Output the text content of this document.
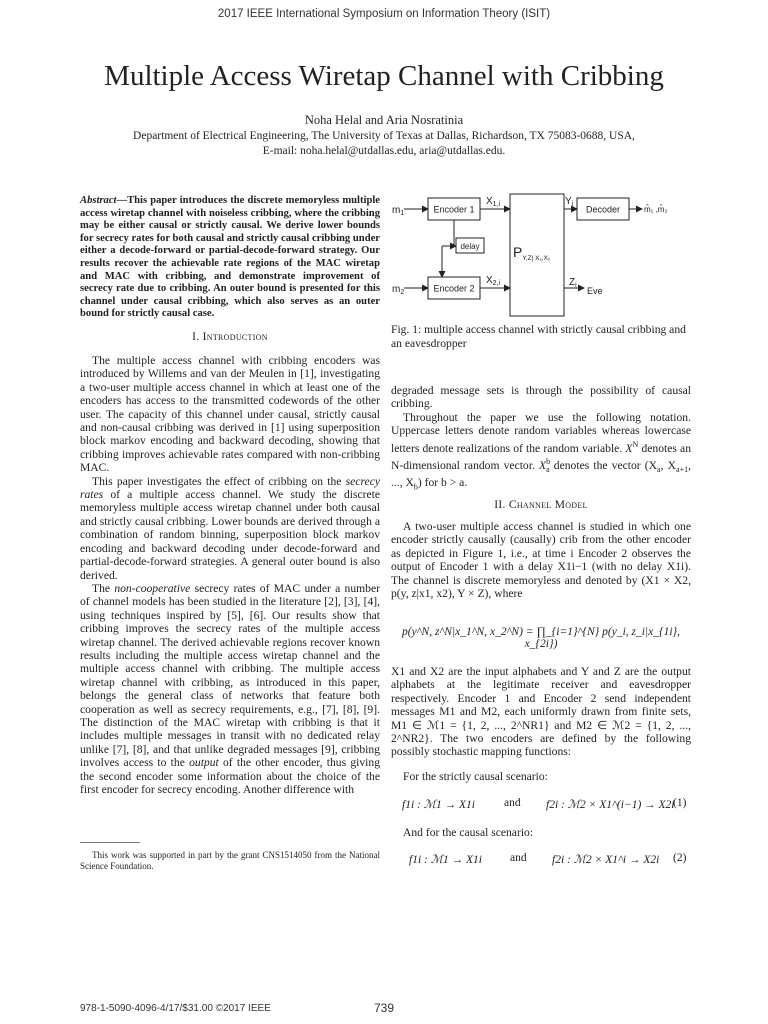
2017 IEEE International Symposium on Information Theory (ISIT)
Multiple Access Wiretap Channel with Cribbing
Noha Helal and Aria Nosratinia
Department of Electrical Engineering, The University of Texas at Dallas, Richardson, TX 75083-0688, USA,
E-mail: noha.helal@utdallas.edu, aria@utdallas.edu.
Abstract—This paper introduces the discrete memoryless multiple access wiretap channel with noiseless cribbing, where the cribbing may be either causal or strictly causal. We derive lower bounds for secrecy rates for both causal and strictly causal cribbing under either a decode-forward or partial-decode-forward strategy. Our results recover the achievable rate regions of the MAC wiretap and MAC with cribbing, and demonstrate improvement of secrecy rate due to cribbing. An outer bound is presented for this channel under causal cribbing, which also serves as an outer bound for strictly causal case.
I. Introduction

The multiple access channel with cribbing encoders was introduced by Willems and van der Meulen in [1], investigating a two-user multiple access channel in which at least one of the encoders has access to the transmitted codewords of the other user. The capacity of this channel under causal, strictly causal and non-causal cribbing was derived in [1] using superposition block markov encoding and backward decoding, showing that cribbing improves achievable rates compared with non-cribbing MAC.

This paper investigates the effect of cribbing on the secrecy rates of a multiple access channel. We study the discrete memoryless multiple access wiretap channel under both causal and strictly causal cribbing. Lower bounds are derived through a combination of random binning, superposition block markov encoding and backward decoding under decode-forward and partial-decode-forward strategies. A general outer bound is also derived.

The non-cooperative secrecy rates of MAC under a number of channel models has been studied in the literature [2], [3], [4], using techniques inspired by [5], [6]. Our results show that cribbing improves the secrecy rates of the multiple access wiretap channel. The derived achievable regions recover known results including the multiple access wiretap channel and the multiple access channel with cribbing. The multiple access wiretap channel with cribbing, as introduced in this paper, belongs the general class of networks that feature both cooperation as well as secrecy requirements, e.g., [7], [8], [9]. The distinction of the MAC wiretap with cribbing is that it includes multiple messages in transit with no dedicated relay unlike [7], [8], and that unlike degraded messages [9], cribbing involves access to the output of the other encoder, thus giving the second encoder some information about the choice of the first encoder for secrecy encoding. Another difference with

This work was supported in part by the grant CNS1514050 from the National Science Foundation.

$m_1$
$m_2$
Encoder 1
Encoder 2
delay
$X_{1,i}$
$X_{2,i}$
$P_{Y,Z| X_1,X_2}$
$Y_i$
$Z_i$
Decoder	m̂₁ ,m̂₂
Eve
Fig. 1: multiple access channel with strictly causal cribbing and an eavesdropper

degraded message sets is through the possibility of causal cribbing.

Throughout the paper we use the following notation. Uppercase letters denote random variables whereas lowercase letters denote realizations of the random variable. $X^N$ denotes an N-dimensional random vector. $X^b_a$ denotes the vector ($X_a$, $X_{a+1}$, ..., $X_b$) for b > a.

II. Channel Model

A two-user multiple access channel is studied in which one encoder strictly causally (causally) crib from the other encoder as depicted in Figure 1, i.e., at time i Encoder 2 observes the output of Encoder 1 with a delay X1i−1 (with no delay X1i). The channel is discrete memoryless and denoted by (X1 × X2, p(y, z|x1, x2), Y × Z), where

p(y^N, z^N|x_1^N, x_2^N) = ∏_{i=1}^{N} p(y_i, z_i|x_{1i}, x_{2i})

X1 and X2 are the input alphabets and Y and Z are the output alphabets at the legitimate receiver and eavesdropper respectively. Encoder 1 and Encoder 2 send independent messages M1 and M2, each uniformly drawn from finite sets, M1 ∈ ℳ1 = {1, 2, ..., 2^NR1} and M2 ∈ ℳ2 = {1, 2, ..., 2^NR2}. The two encoders are defined by the following possibly stochastic mapping functions:

For the strictly causal scenario:

f1i : ℳ1 → X1i	and f2i : ℳ2 × X1^(i−1) → X2i
(1)

And for the causal scenario:

f1i : ℳ1 → X1i and f2i : ℳ2 × X1^i → X2i (2)
978-1-5090-4096-4/17/$31.00 ©2017 IEEE	739
